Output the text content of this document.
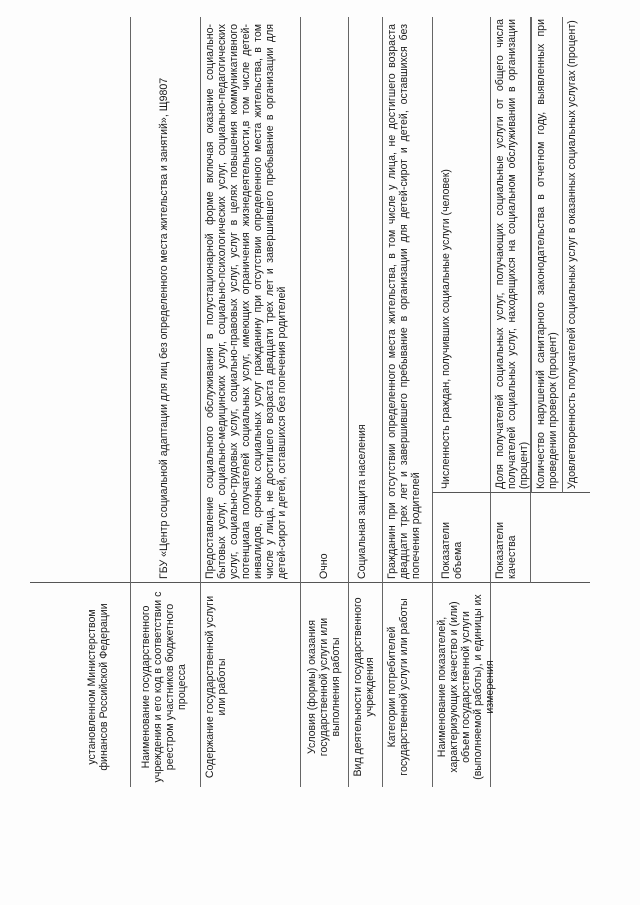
установленном Министерством финансов Российской Федерации	Наименование государственного учреждения и его код в соответствии с реестром участников бюджетного процесса
ГБУ «Центр социальной адаптации для лиц без определенного места жительства и занятий», Щ9807
Содержание государственной услуги или работы
Предоставление социального обслуживания в полустационарной форме включая оказание социально-бытовых услуг, социально-медицинских услуг, социально-психологических услуг, социально-педагогических услуг, социально-трудовых услуг, социально-правовых услуг, услуг в целях повышения коммуникативного потенциала получателей социальных услуг, имеющих ограничения жизнедеятельности,в том числе детей-инвалидов, срочных социальных услуг гражданину при отсутствии определенного места жительства, в том числе у лица, не достигшего возраста двадцати трех лет и завершившего пребывание в организации для детей-сирот и детей, оставшихся без попечения родителей
Условия (формы) оказания государственной услуги или выполнения работы
Очно
Вид деятельности государственного учреждения
Социальная защита населения
Категории потребителей государственной услуги или работы
Гражданин при отсутствии определенного места жительства, в том числе у лица, не достигшего возраста двадцати трех лет и завершившего пребывание в организации для детей-сирот и детей, оставшихся без попечения родителей
Наименование показателей, характеризующих качество и (или) объем государственной услуги (выполняемой работы), и единицы их измерения
Показатели объема
Численность граждан, получивших социальные услуги (человек)
Показатели качества
Доля получателей социальных услуг, получающих социальные услуги от общего числа получателей социальных услуг, находящихся на социальном обслуживании в организации (процент) Количество нарушений санитарного законодательства в отчетном году, выявленных при проведении проверок (процент) Удовлетворенность получателей социальных услуг в оказанных социальных услугах (процент)
